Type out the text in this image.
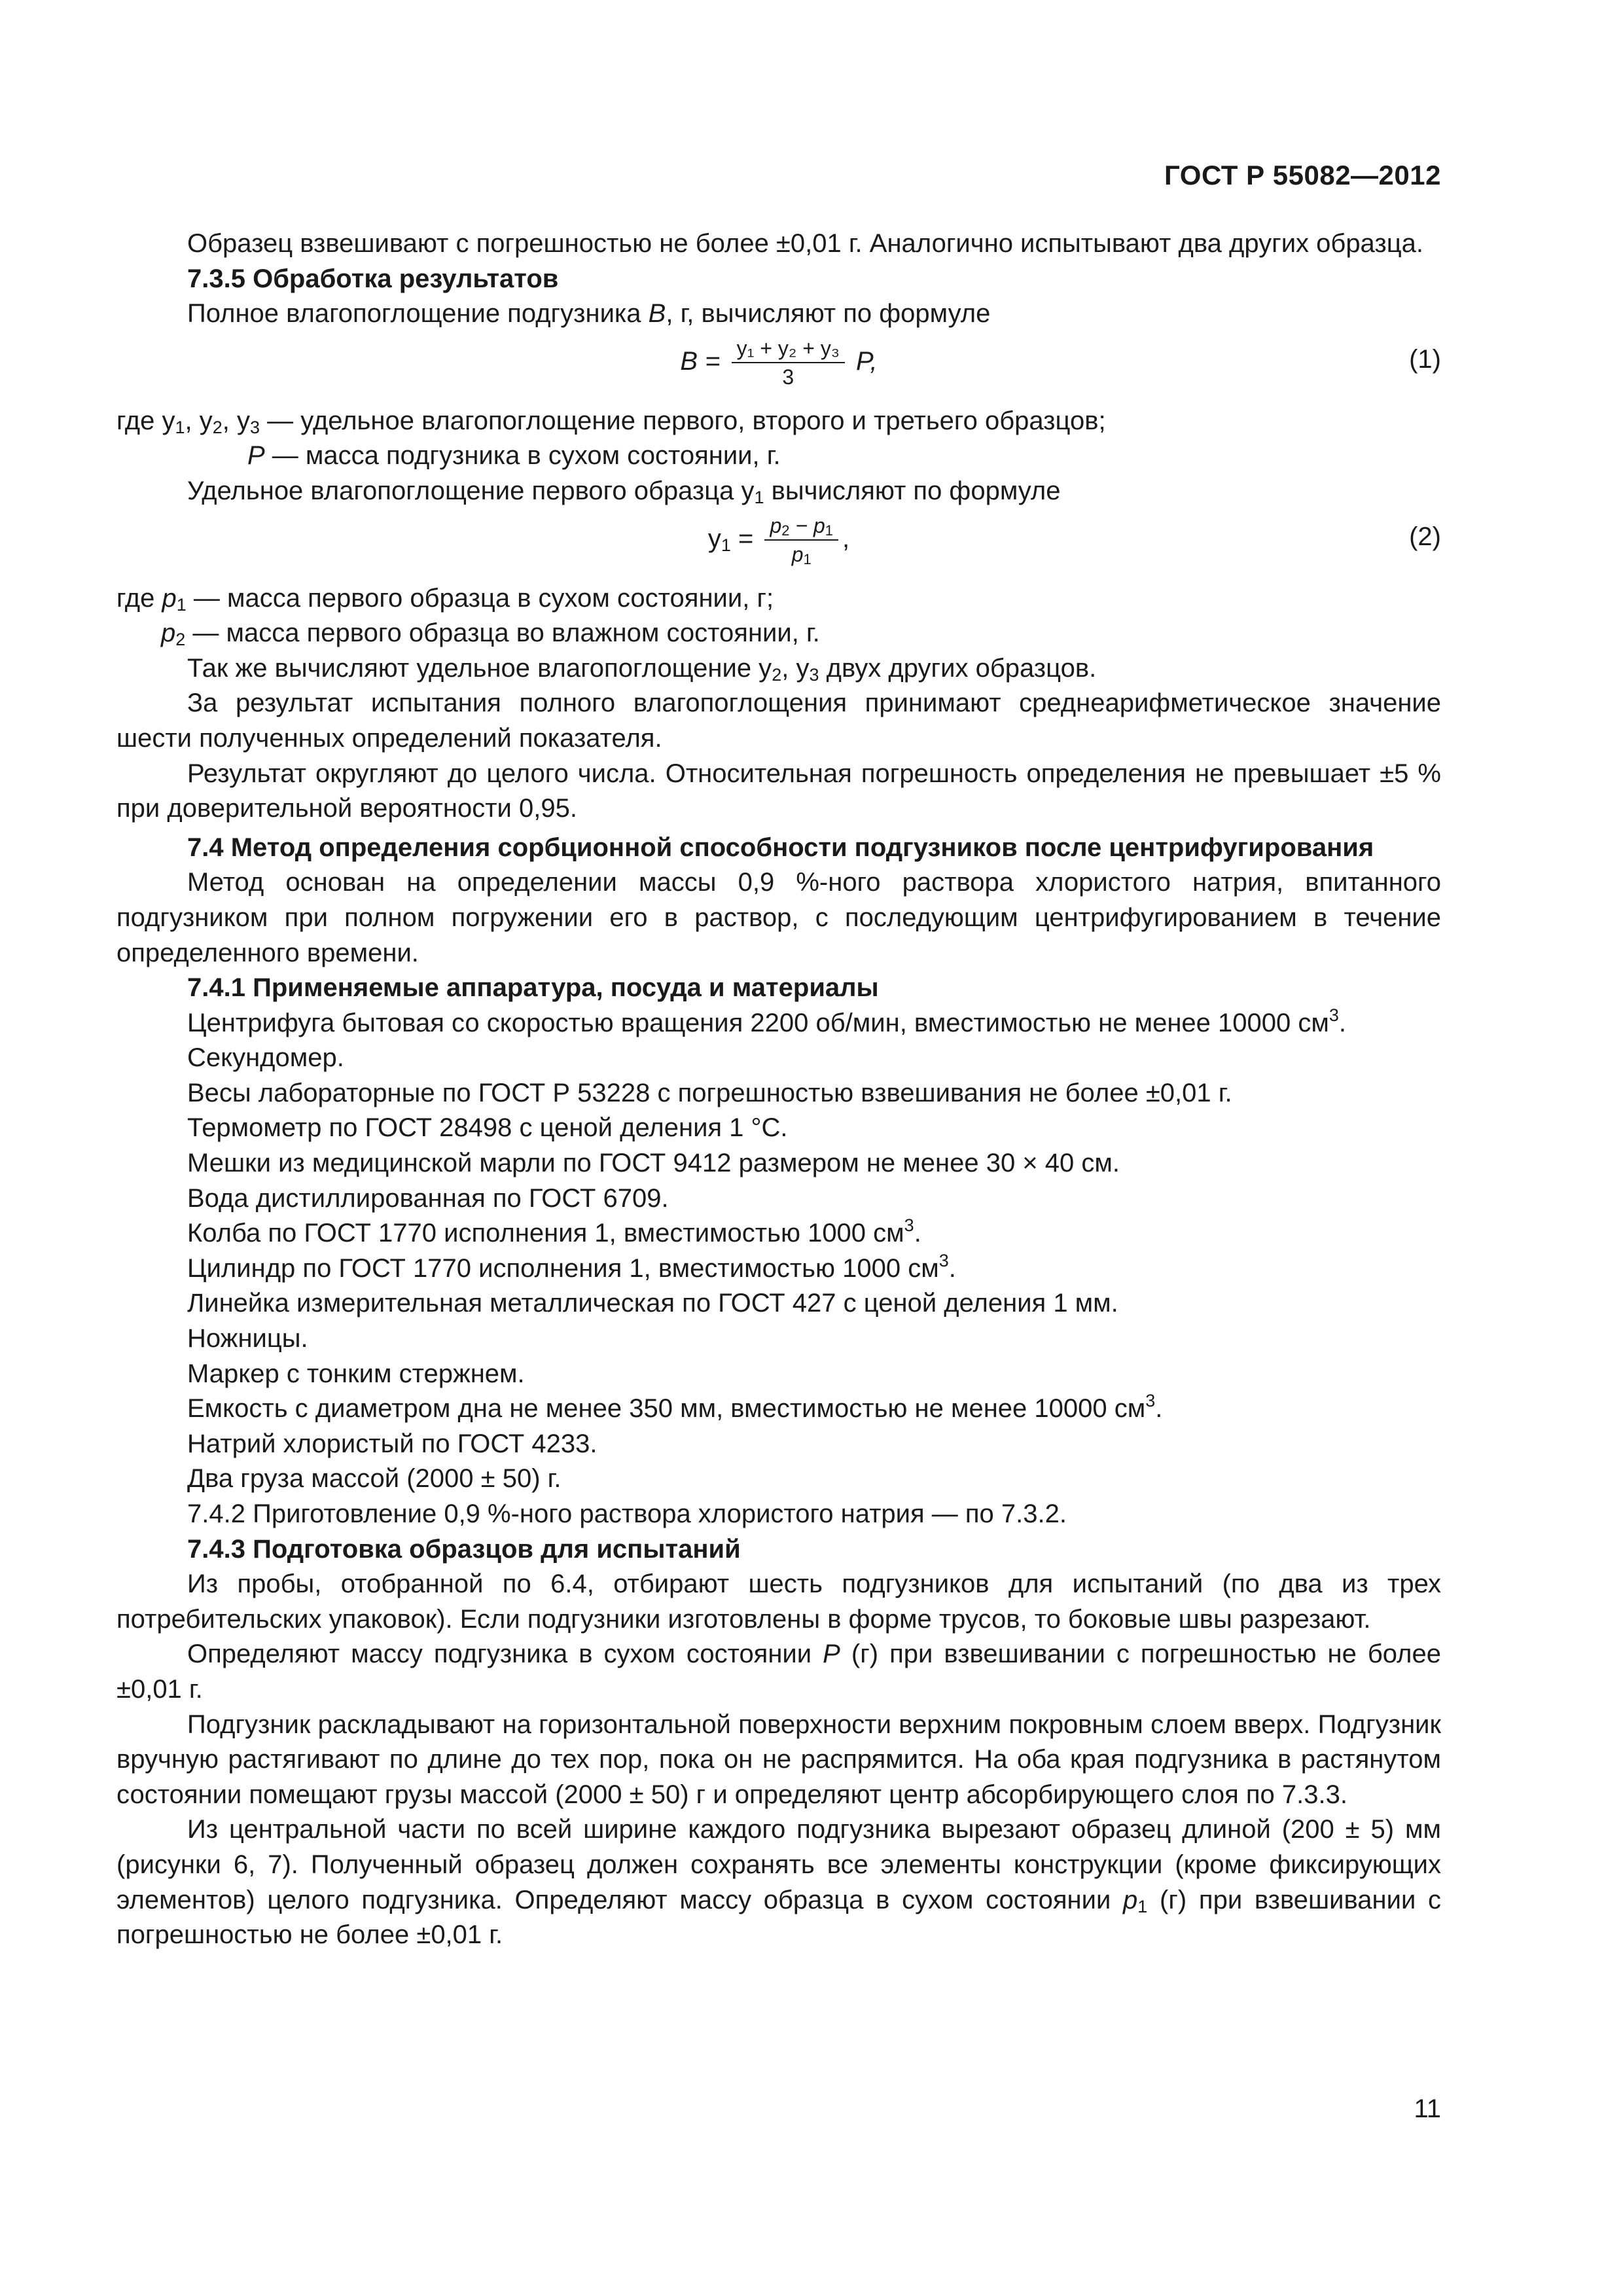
ГОСТ Р 55082—2012

Образец взвешивают с погрешностью не более ±0,01 г. Аналогично испытывают два других образца.

7.3.5 Обработка результатов

Полное влагопоглощение подгузника В, г, вычисляют по формуле

$В = \frac{\text{y₁ + y₂ + y₃}}{3} P$,	(1)

где $y_1$, $y_2$, $y_3$ — удельное влагопоглощение первого, второго и третьего образцов;

P — масса подгузника в сухом состоянии, г.

Удельное влагопоглощение первого образца $y_1$ вычисляют по формуле

$y_1 = \frac{p_2 - p_1}{p_1}$ ,	(2)

где $p_1$ — масса первого образца в сухом состоянии, г;

$p_2$ — масса первого образца во влажном состоянии, г.

Так же вычисляют удельное влагопоглощение $y_2$, $y_3$ двух других образцов.

За результат испытания полного влагопоглощения принимают среднеарифметическое значение шести полученных определений показателя.

Результат округляют до целого числа. Относительная погрешность определения не превышает ±5 % при доверительной вероятности 0,95.

7.4 Метод определения сорбционной способности подгузников после центрифугирования

Метод основан на определении массы 0,9 %-ного раствора хлористого натрия, впитанного подгузником при полном погружении его в раствор, с последующим центрифугированием в течение определенного времени.

7.4.1 Применяемые аппаратура, посуда и материалы

Центрифуга бытовая со скоростью вращения 2200 об/мин, вместимостью не менее 10000 $см^3$.

Секундомер.

Весы лабораторные по ГОСТ Р 53228 с погрешностью взвешивания не более ±0,01 г.

Термометр по ГОСТ 28498 с ценой деления 1 °С.

Мешки из медицинской марли по ГОСТ 9412 размером не менее 30 × 40 см.

Вода дистиллированная по ГОСТ 6709.

Колба по ГОСТ 1770 исполнения 1, вместимостью 1000 $см^3$.

Цилиндр по ГОСТ 1770 исполнения 1, вместимостью 1000 $см^3$.

Линейка измерительная металлическая по ГОСТ 427 с ценой деления 1 мм.

Ножницы.

Маркер с тонким стержнем.

Емкость с диаметром дна не менее 350 мм, вместимостью не менее 10000 $см^3$.

Натрий хлористый по ГОСТ 4233.

Два груза массой (2000 ± 50) г.

7.4.2 Приготовление 0,9 %-ного раствора хлористого натрия — по 7.3.2.

7.4.3 Подготовка образцов для испытаний

Из пробы, отобранной по 6.4, отбирают шесть подгузников для испытаний (по два из трех потребительских упаковок). Если подгузники изготовлены в форме трусов, то боковые швы разрезают.

Определяют массу подгузника в сухом состоянии P (г) при взвешивании с погрешностью не более ±0,01 г.

Подгузник раскладывают на горизонтальной поверхности верхним покровным слоем вверх. Подгузник вручную растягивают по длине до тех пор, пока он не распрямится. На оба края подгузника в растянутом состоянии помещают грузы массой (2000 ± 50) г и определяют центр абсорбирующего слоя по 7.3.3.

Из центральной части по всей ширине каждого подгузника вырезают образец длиной (200 ± 5) мм (рисунки 6, 7). Полученный образец должен сохранять все элементы конструкции (кроме фиксирующих элементов) целого подгузника. Определяют массу образца в сухом состоянии $p_1$ (г) при взвешивании с погрешностью не более ±0,01 г.

11
